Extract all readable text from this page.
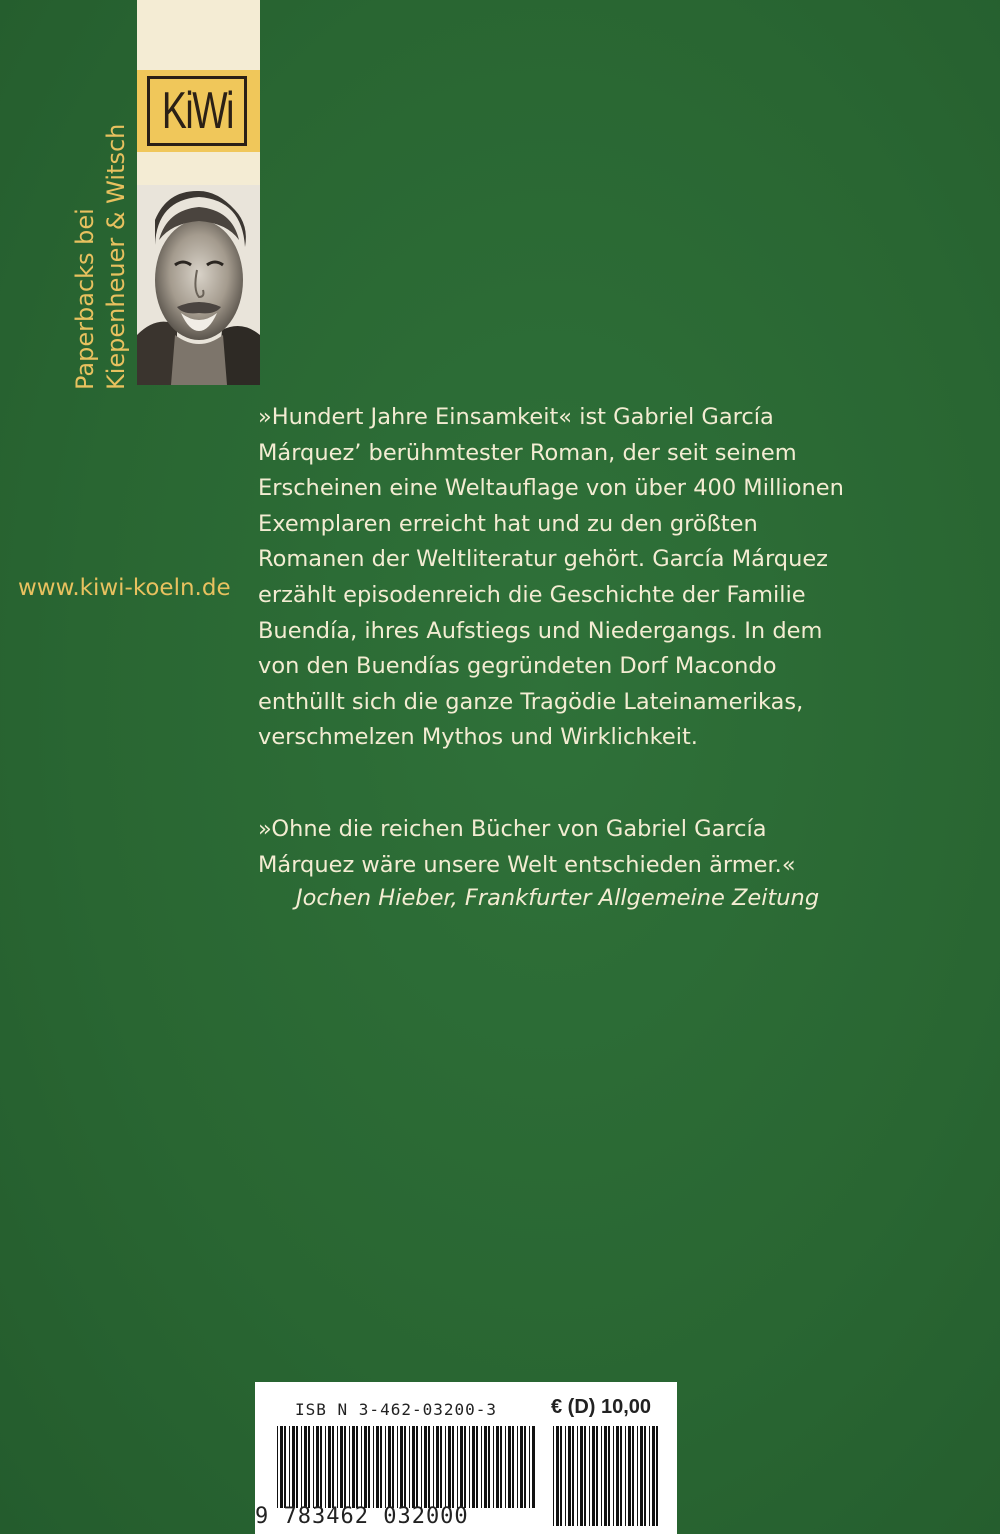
KiWi
Paperbacks bei Kiepenheuer & Witsch
»Hundert Jahre Einsamkeit« ist Gabriel García
Márquez’ berühmtester Roman, der seit seinem
Erscheinen eine Weltauflage von über 400 Millionen
Exemplaren erreicht hat und zu den größten
Romanen der Weltliteratur gehört. García Márquez
erzählt episodenreich die Geschichte der Familie
Buendía, ihres Aufstiegs und Niedergangs. In dem
von den Buendías gegründeten Dorf Macondo
enthüllt sich die ganze Tragödie Lateinamerikas,
verschmelzen Mythos und Wirklichkeit.
»Ohne die reichen Bücher von Gabriel García
Márquez wäre unsere Welt entschieden ärmer.«
Jochen Hieber, Frankfurter Allgemeine Zeitung
www.kiwi-koeln.de
ISB N 3-462-03200-3	€ (D) 10,00
9 783462 032000
